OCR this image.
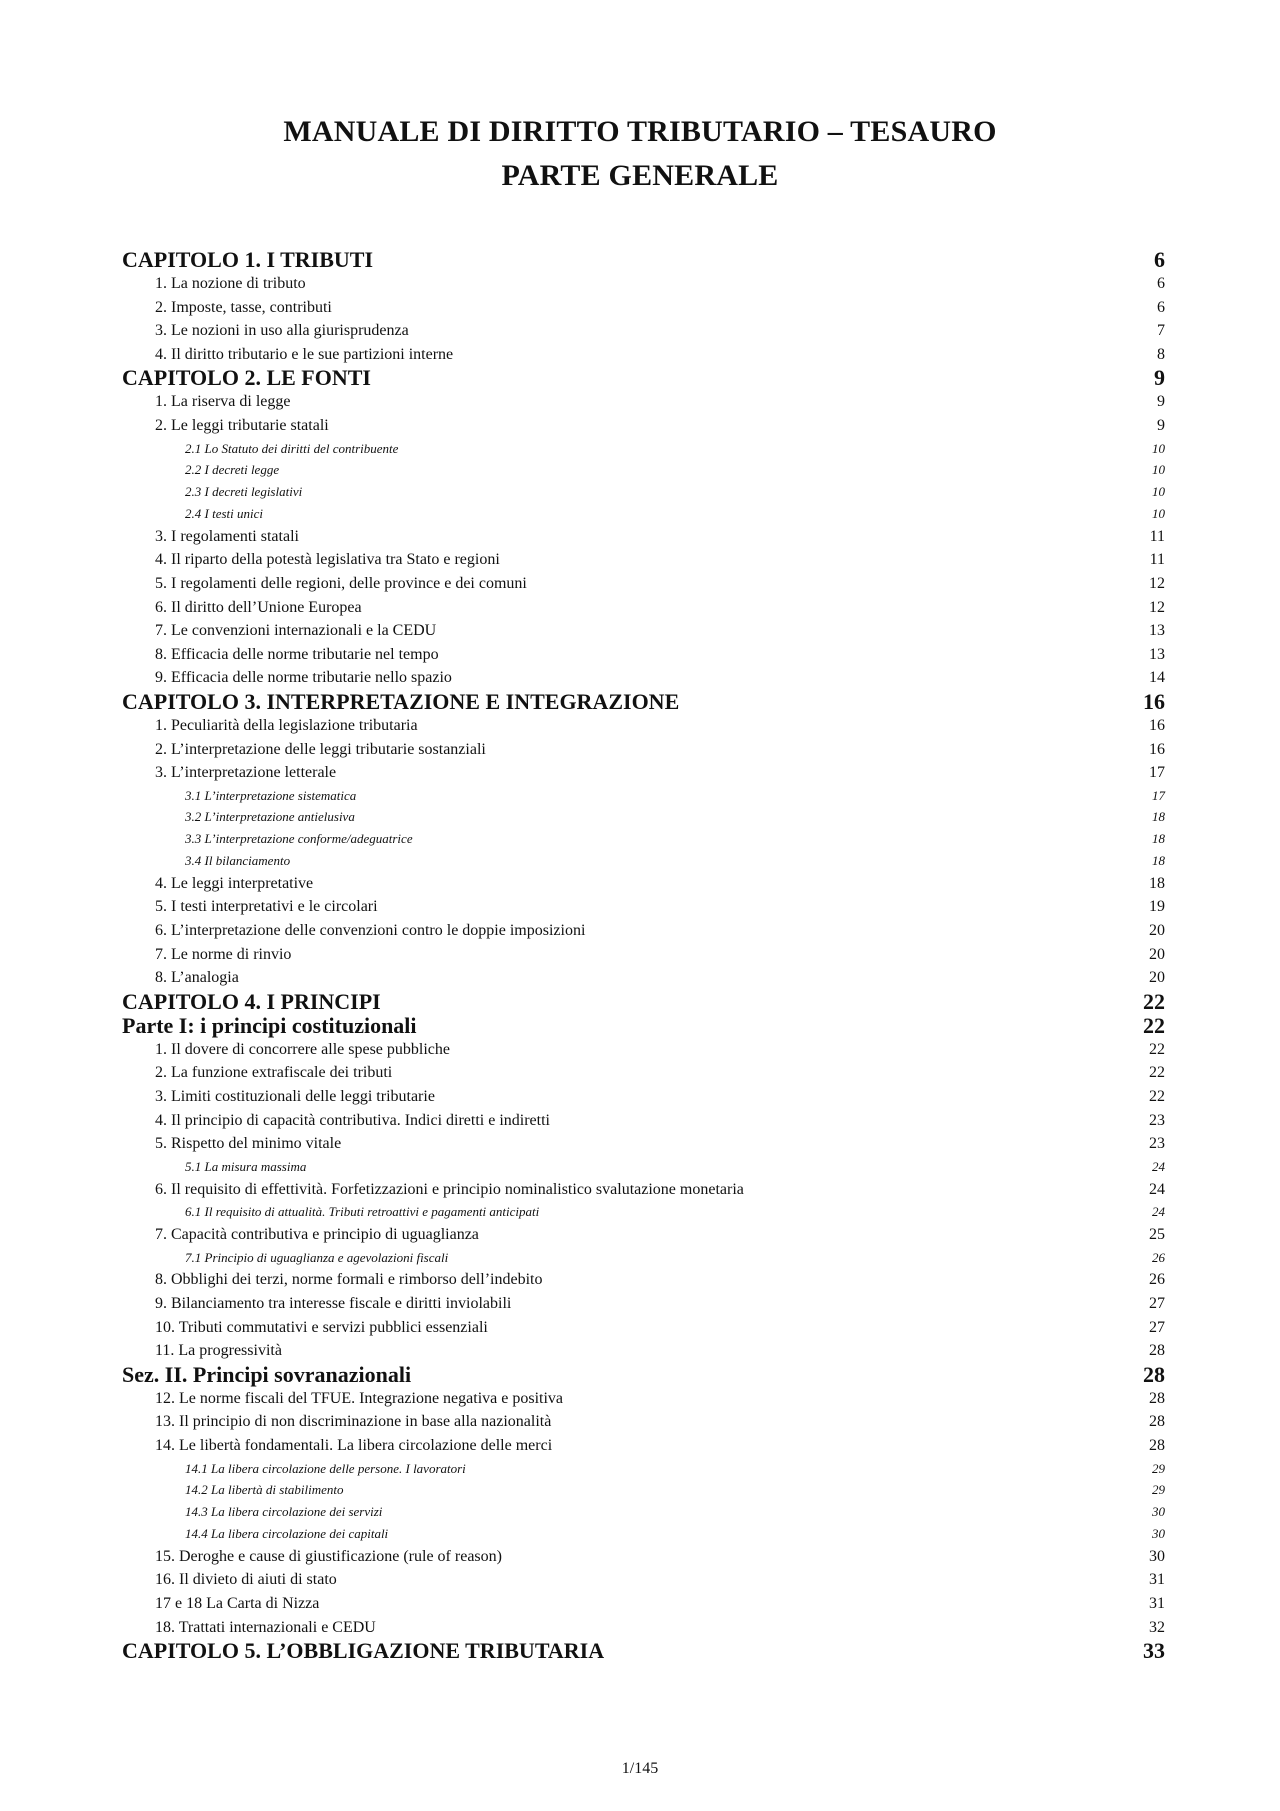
MANUALE DI DIRITTO TRIBUTARIO – TESAURO
PARTE GENERALE
CAPITOLO 1. I TRIBUTI	6
1. La nozione di tributo	6
2. Imposte, tasse, contributi	6
3. Le nozioni in uso alla giurisprudenza	7
4. Il diritto tributario e le sue partizioni interne	8
CAPITOLO 2. LE FONTI	9
1. La riserva di legge	9
2. Le leggi tributarie statali	9
2.1 Lo Statuto dei diritti del contribuente	10
2.2 I decreti legge	10
2.3 I decreti legislativi	10
2.4 I testi unici	10
3. I regolamenti statali	11
4. Il riparto della potestà legislativa tra Stato e regioni	11
5. I regolamenti delle regioni, delle province e dei comuni	12
6. Il diritto dell’Unione Europea	12
7. Le convenzioni internazionali e la CEDU	13
8. Efficacia delle norme tributarie nel tempo	13
9. Efficacia delle norme tributarie nello spazio	14
CAPITOLO 3. INTERPRETAZIONE E INTEGRAZIONE	16
1. Peculiarità della legislazione tributaria	16
2. L’interpretazione delle leggi tributarie sostanziali	16
3. L’interpretazione letterale	17
3.1 L’interpretazione sistematica	17
3.2 L’interpretazione antielusiva	18
3.3 L’interpretazione conforme/adeguatrice	18
3.4 Il bilanciamento	18
4. Le leggi interpretative	18
5. I testi interpretativi e le circolari	19
6. L’interpretazione delle convenzioni contro le doppie imposizioni	20
7. Le norme di rinvio	20
8. L’analogia	20
CAPITOLO 4. I PRINCIPI	22
Parte I: i principi costituzionali	22
1. Il dovere di concorrere alle spese pubbliche	22
2. La funzione extrafiscale dei tributi	22
3. Limiti costituzionali delle leggi tributarie	22
4. Il principio di capacità contributiva. Indici diretti e indiretti	23
5. Rispetto del minimo vitale	23
5.1 La misura massima	24
6. Il requisito di effettività. Forfetizzazioni e principio nominalistico svalutazione monetaria	24
6.1 Il requisito di attualità. Tributi retroattivi e pagamenti anticipati	24
7. Capacità contributiva e principio di uguaglianza	25
7.1 Principio di uguaglianza e agevolazioni fiscali	26
8. Obblighi dei terzi, norme formali e rimborso dell’indebito	26
9. Bilanciamento tra interesse fiscale e diritti inviolabili	27
10. Tributi commutativi e servizi pubblici essenziali	27
11. La progressività	28
Sez. II. Principi sovranazionali	28
12. Le norme fiscali del TFUE. Integrazione negativa e positiva	28
13. Il principio di non discriminazione in base alla nazionalità	28
14. Le libertà fondamentali. La libera circolazione delle merci	28
14.1 La libera circolazione delle persone. I lavoratori	29
14.2 La libertà di stabilimento	29
14.3 La libera circolazione dei servizi	30
14.4 La libera circolazione dei capitali	30
15. Deroghe e cause di giustificazione (rule of reason)	30
16. Il divieto di aiuti di stato	31
17 e 18 La Carta di Nizza	31
18. Trattati internazionali e CEDU	32
CAPITOLO 5. L’OBBLIGAZIONE TRIBUTARIA	33
1/145
